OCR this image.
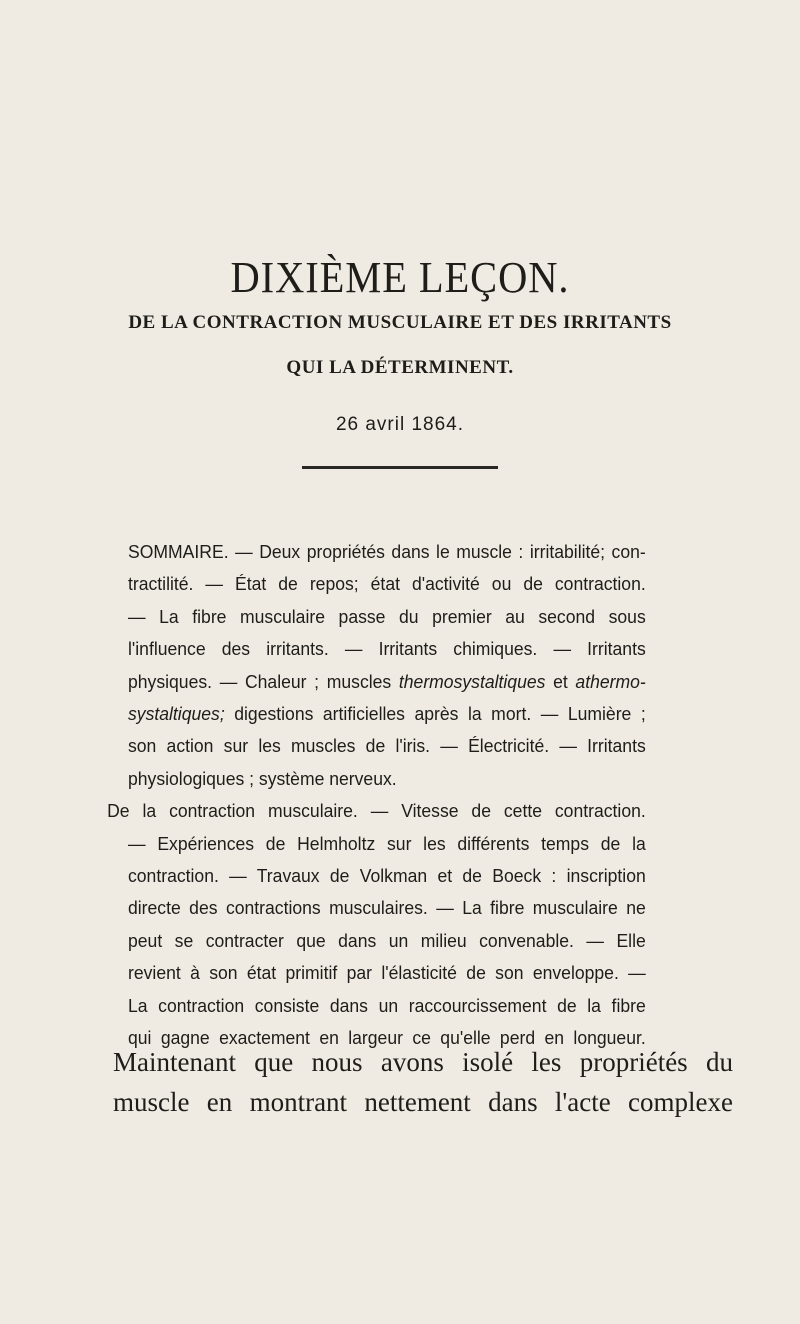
DIXIÈME LEÇON.
DE LA CONTRACTION MUSCULAIRE ET DES IRRITANTS
QUI LA DÉTERMINENT.
26 avril 1864.
SOMMAIRE. — Deux propriétés dans le muscle : irritabilité; con-
tractilité. — État de repos; état d'activité ou de contraction.
— La fibre musculaire passe du premier au second sous
l'influence des irritants. — Irritants chimiques. — Irritants
physiques. — Chaleur ; muscles thermosystaltiques et athermo-
systaltiques; digestions artificielles après la mort. — Lumière ;
son action sur les muscles de l'iris. — Électricité. — Irritants
physiologiques ; système nerveux.
De la contraction musculaire. — Vitesse de cette contraction.
— Expériences de Helmholtz sur les différents temps de la
contraction. — Travaux de Volkman et de Boeck : inscription
directe des contractions musculaires. — La fibre musculaire ne
peut se contracter que dans un milieu convenable. — Elle
revient à son état primitif par l'élasticité de son enveloppe. —
La contraction consiste dans un raccourcissement de la fibre
qui gagne exactement en largeur ce qu'elle perd en longueur.
Maintenant que nous avons isolé les propriétés du
muscle en montrant nettement dans l'acte complexe
